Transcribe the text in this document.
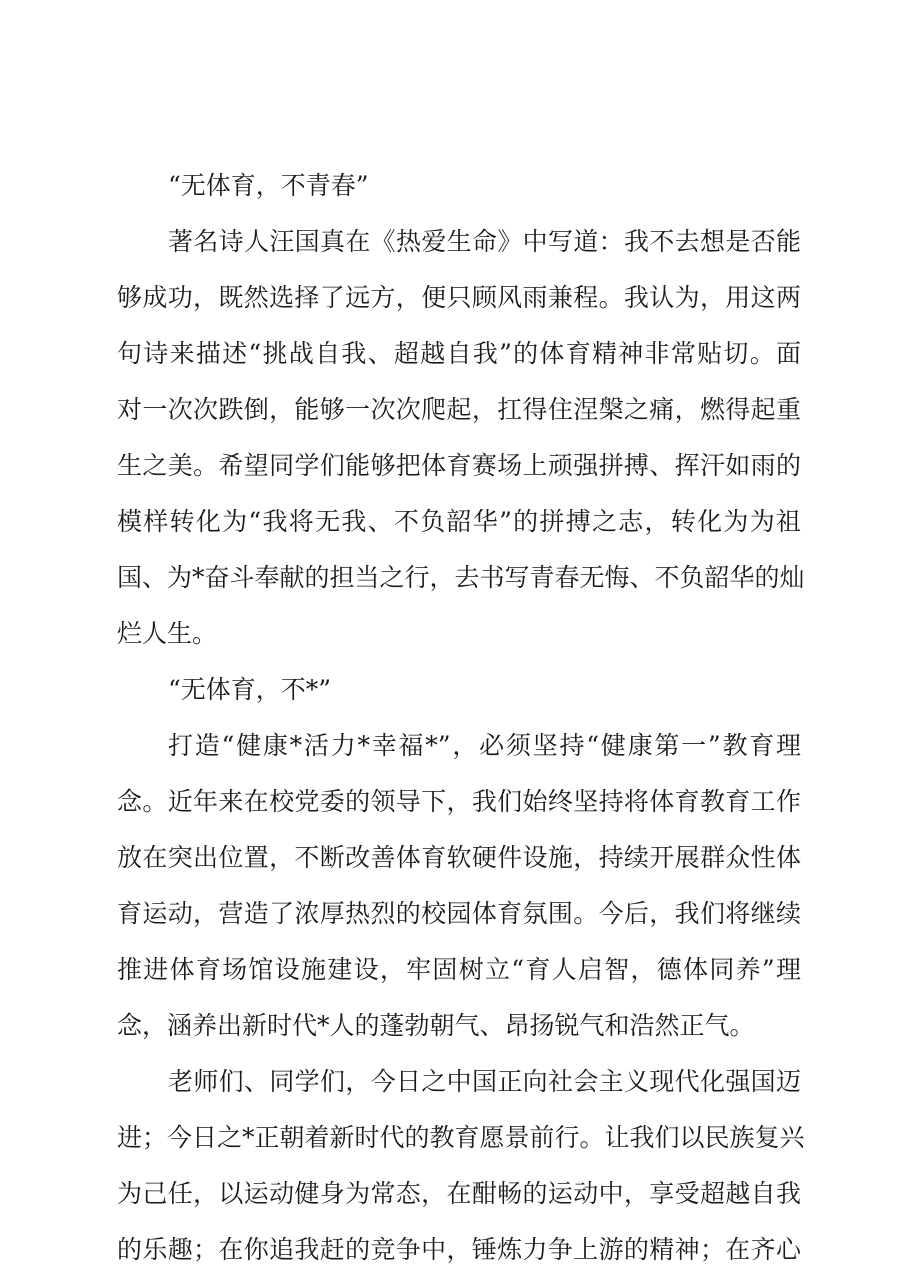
“无体育，不青春”
著名诗人汪国真在《热爱生命》中写道：我不去想是否能
够成功，既然选择了远方，便只顾风雨兼程。我认为，用这两
句诗来描述“挑战自我、超越自我”的体育精神非常贴切。面
对一次次跌倒，能够一次次爬起，扛得住涅槃之痛，燃得起重
生之美。希望同学们能够把体育赛场上顽强拼搏、挥汗如雨的
模样转化为“我将无我、不负韶华”的拼搏之志，转化为为祖
国、为*奋斗奉献的担当之行，去书写青春无悔、不负韶华的灿
烂人生。
“无体育，不*”
打造“健康*活力*幸福*”，必须坚持“健康第一”教育理
念。近年来在校党委的领导下，我们始终坚持将体育教育工作
放在突出位置，不断改善体育软硬件设施，持续开展群众性体
育运动，营造了浓厚热烈的校园体育氛围。今后，我们将继续
推进体育场馆设施建设，牢固树立“育人启智，德体同养”理
念，涵养出新时代*人的蓬勃朝气、昂扬锐气和浩然正气。
老师们、同学们，今日之中国正向社会主义现代化强国迈
进；今日之*正朝着新时代的教育愿景前行。让我们以民族复兴
为己任，以运动健身为常态，在酣畅的运动中，享受超越自我
的乐趣；在你追我赶的竞争中，锤炼力争上游的精神；在齐心
